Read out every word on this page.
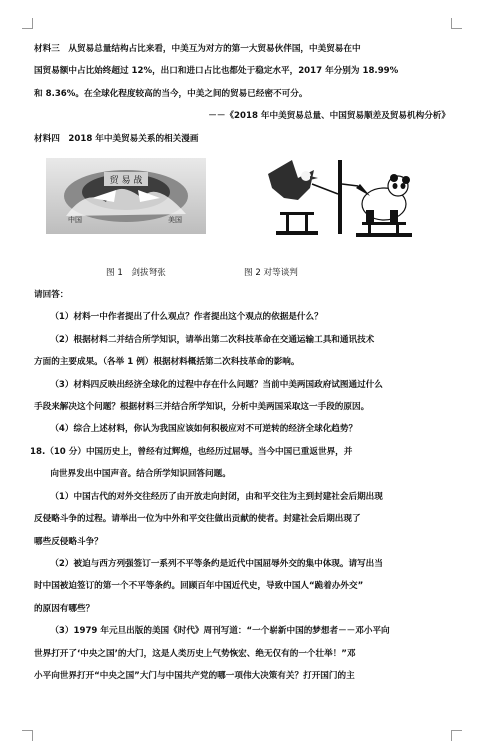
材料三　从贸易总量结构占比来看，中美互为对方的第一大贸易伙伴国，中美贸易在中

国贸易额中占比始终超过 12%，出口和进口占比也都处于稳定水平，2017 年分别为 18.99%

和 8.36%。在全球化程度较高的当今，中美之间的贸易已经密不可分。

－－《2018 年中美贸易总量、中国贸易顺差及贸易机构分析》

材料四　2018 年中美贸易关系的相关漫画

贸 易 战
中国	美国
图 1　剑拔弩张	图 2 对等谈判

请回答：

（1）材料一中作者提出了什么观点？作者提出这个观点的依据是什么？

（2）根据材料二并结合所学知识，请举出第二次科技革命在交通运输工具和通讯技术

方面的主要成果。（各举 1 例）根据材料概括第二次科技革命的影响。

（3）材料四反映出经济全球化的过程中存在什么问题？当前中美两国政府试图通过什么

手段来解决这个问题？根据材料三并结合所学知识，分析中美两国采取这一手段的原因。

（4）综合上述材料，你认为我国应该如何积极应对不可逆转的经济全球化趋势？

18.（10 分）中国历史上，曾经有过辉煌，也经历过屈辱。当今中国已重返世界，并

向世界发出中国声音。结合所学知识回答问题。

（1）中国古代的对外交往经历了由开放走向封闭，由和平交往为主到封建社会后期出现

反侵略斗争的过程。请举出一位为中外和平交往做出贡献的使者。封建社会后期出现了

哪些反侵略斗争？

（2）被迫与西方列强签订一系列不平等条约是近代中国屈辱外交的集中体现。请写出当

时中国被迫签订的第一个不平等条约。回顾百年中国近代史，导致中国人“跪着办外交”

的原因有哪些？

（3）1979 年元旦出版的美国《时代》周刊写道：“一个崭新中国的梦想者－－邓小平向

世界打开了‘中央之国’的大门，这是人类历史上气势恢宏、绝无仅有的一个壮举！”邓

小平向世界打开“中央之国”大门与中国共产党的哪一项伟大决策有关？打开国门的主
